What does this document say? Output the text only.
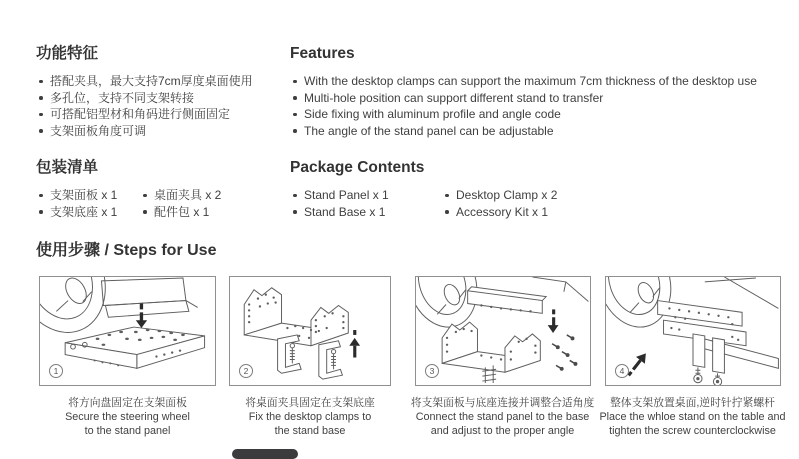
功能特征
搭配夹具，最大支持7cm厚度桌面使用
多孔位，支持不同支架转接
可搭配铝型材和角码进行侧面固定
支架面板角度可调
Features
With the desktop clamps can support the maximum 7cm thickness of the desktop use
Multi-hole position can support different stand to transfer
Side fixing with aluminum profile and angle code
The angle of the stand panel can be adjustable
包装清单
支架面板 x 1
支架底座 x 1
桌面夹具 x 2
配件包 x 1
Package Contents
Stand Panel x 1
Stand Base x 1
Desktop Clamp x 2
Accessory Kit x 1
使用步骤 / Steps for Use
1	2	3	4
将方向盘固定在支架面板
Secure the steering wheel
to the stand panel
将桌面夹具固定在支架底座
Fix the desktop clamps to
the stand base
将支架面板与底座连接并调整合适角度
Connect the stand panel to the base
and adjust to the proper angle
整体支架放置桌面,逆时针拧紧螺杆
Place the whloe stand on the table and
tighten the screw counterclockwise
